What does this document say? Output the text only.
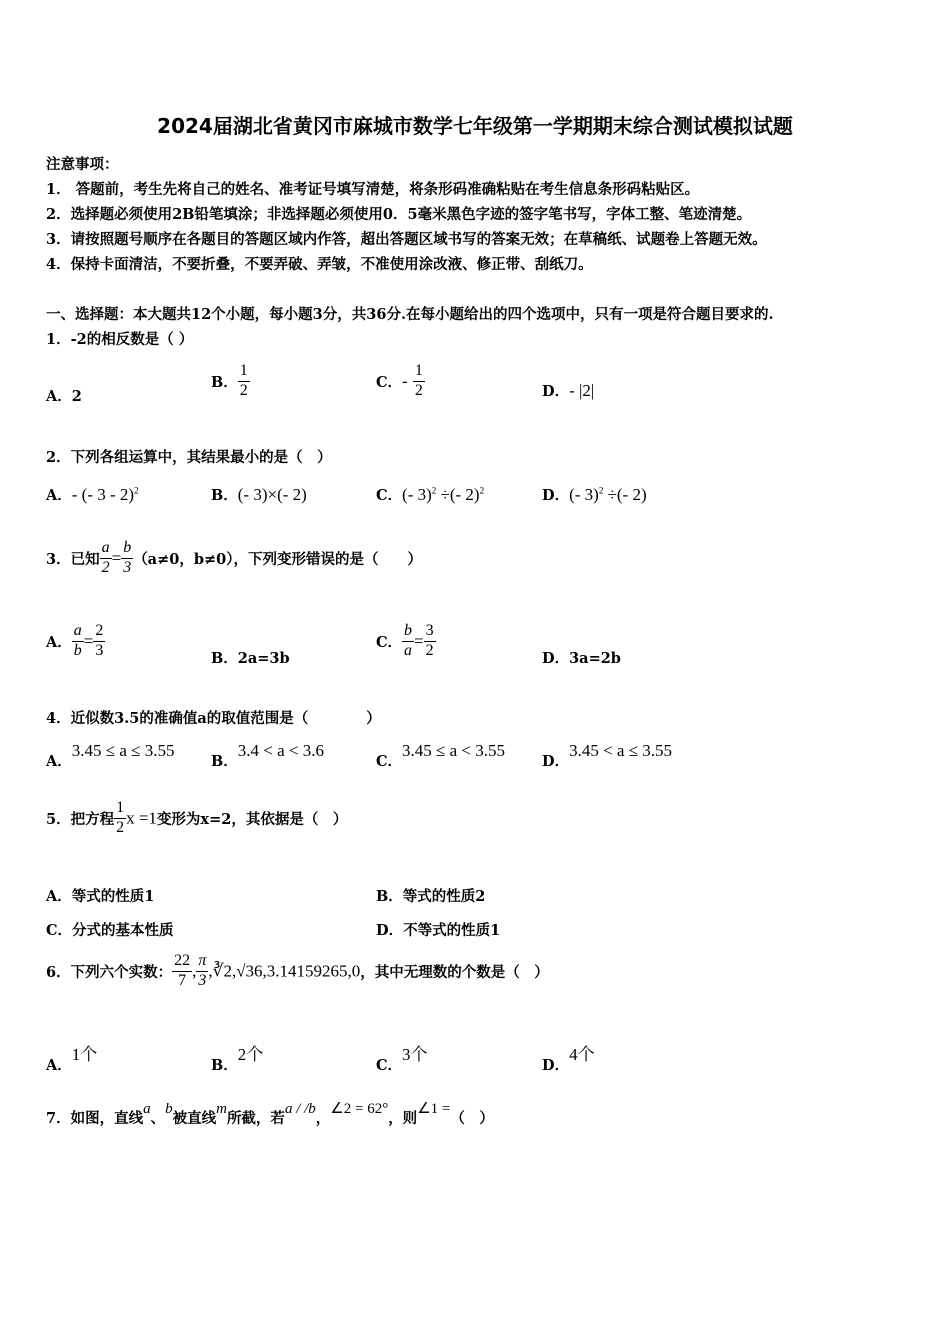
2024届湖北省黄冈市麻城市数学七年级第一学期期末综合测试模拟试题
注意事项：
1． 答题前，考生先将自己的姓名、准考证号填写清楚，将条形码准确粘贴在考生信息条形码粘贴区。
2．选择题必须使用2B铅笔填涂；非选择题必须使用0．5毫米黑色字迹的签字笔书写，字体工整、笔迹清楚。
3．请按照题号顺序在各题目的答题区域内作答，超出答题区域书写的答案无效；在草稿纸、试题卷上答题无效。
4．保持卡面清洁，不要折叠，不要弄破、弄皱，不准使用涂改液、修正带、刮纸刀。
一、选择题：本大题共12个小题，每小题3分，共36分.在每小题给出的四个选项中，只有一项是符合题目要求的.
1．-2的相反数是（ ）
A．2
B． $\frac{1}{2}$	C．- $\frac{1}{2}$	D．- |2|
2．下列各组运算中，其结果最小的是（　）
A．- (- 3 - 2)$^2$	B．(- 3)×(- 2)	C．(- 3)$^2$ ÷(- 2)$^2$	D．(- 3)$^2$ ÷(- 2)
3．已知 $\frac{a}{2} = \frac{b}{3} (a\ne 0$，b≠0），下列变形错误的是（　　）
A． $\frac{a}{b} = \frac{2}{3}$	B．2a=3b
C． $\frac{b}{a} = \frac{3}{2}$	D．3a=2b
4．近似数3.5的准确值a的取值范围是（　　　　）
A．3.45 ≤ a ≤ 3.55
B．3.4 < a < 3.6
C．3.45 ≤ a < 3.55
D．3.45 < a ≤ 3.55
5．把方程 $\frac{1}{2}$ x =1变形为x=2，其依据是（　）
A．等式的性质1	B．等式的性质2
C．分式的基本性质	D．不等式的性质1
6．下列六个实数： $\frac{22}{7}$ , $\frac{\pi}{3}$ ,∛2,√36,3.14159265,0，其中无理数的个数是（　）
A．1个
B．2个
C．3个
D．4个
7．如图，直线a、b被直线m所截，若a / /b，∠2 = 62°，则∠1 =（　）
